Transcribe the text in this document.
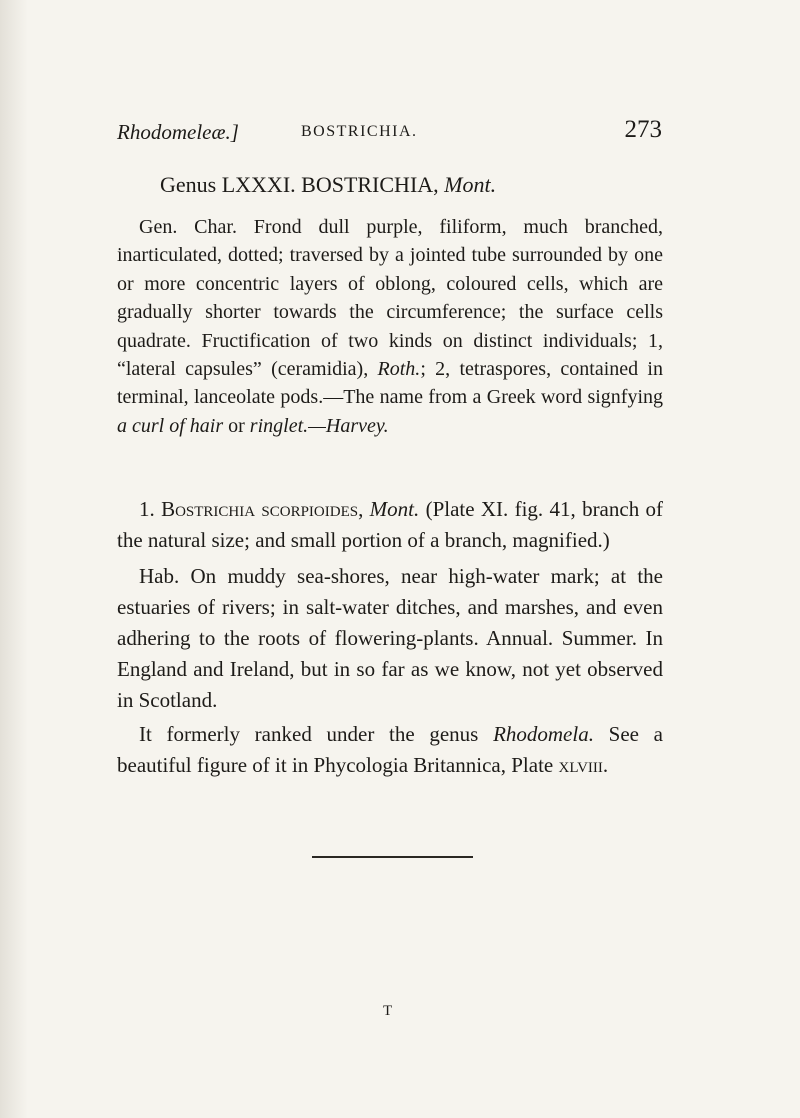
Rhodomeleæ.]	BOSTRICHIA.	273
Genus LXXXI. BOSTRICHIA, Mont.
Gen. Char. Frond dull purple, filiform, much branched, inarticulated, dotted; traversed by a jointed tube surrounded by one or more concentric layers of oblong, coloured cells, which are gradually shorter towards the circumference; the surface cells quadrate. Fructification of two kinds on distinct individuals; 1, “lateral capsules” (ceramidia), Roth.; 2, tetraspores, contained in terminal, lanceolate pods.—The name from a Greek word signfying a curl of hair or ringlet.—Harvey.
1. Bostrichia scorpioides, Mont. (Plate XI. fig. 41, branch of the natural size; and small portion of a branch, magnified.)
Hab. On muddy sea-shores, near high-water mark; at the estuaries of rivers; in salt-water ditches, and marshes, and even adhering to the roots of flowering-plants. Annual. Summer. In England and Ireland, but in so far as we know, not yet observed in Scotland.
It formerly ranked under the genus Rhodomela. See a beautiful figure of it in Phycologia Britannica, Plate xlviii.
T
